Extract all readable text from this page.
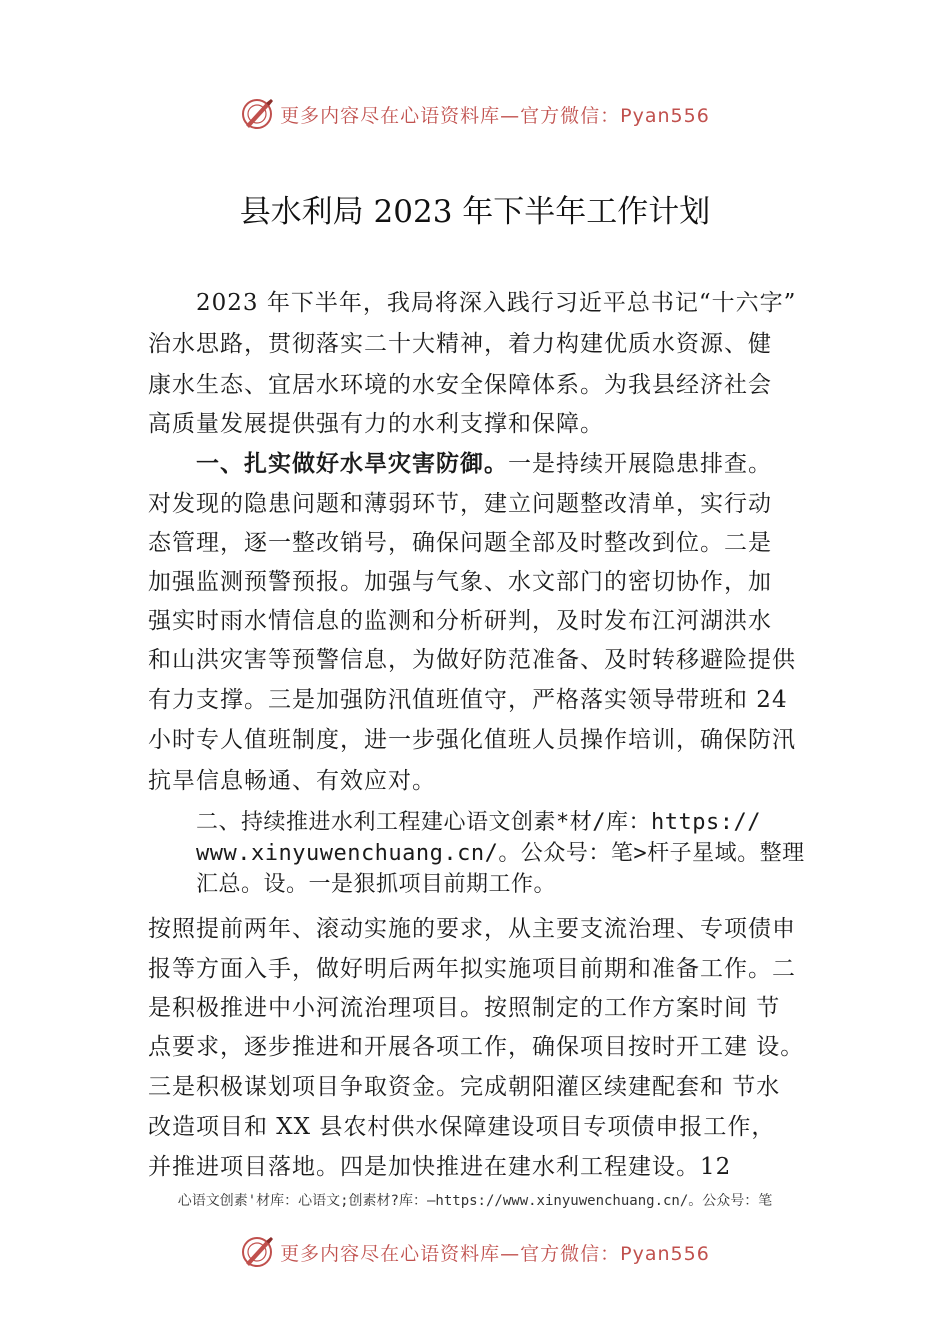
更多内容尽在心语资料库—官方微信：Pyan556
县水利局 2023 年下半年工作计划
2023 年下半年，我局将深入践行习近平总书记“十六字”
治水思路，贯彻落实二十大精神，着力构建优质水资源、健
康水生态、宜居水环境的水安全保障体系。为我县经济社会
高质量发展提供强有力的水利支撑和保障。
一、扎实做好水旱灾害防御。一是持续开展隐患排查。
对发现的隐患问题和薄弱环节，建立问题整改清单，实行动
态管理，逐一整改销号，确保问题全部及时整改到位。二是
加强监测预警预报。加强与气象、水文部门的密切协作，加
强实时雨水情信息的监测和分析研判，及时发布江河湖洪水
和山洪灾害等预警信息，为做好防范准备、及时转移避险提供
有力支撑。三是加强防汛值班值守，严格落实领导带班和 24
小时专人值班制度，进一步强化值班人员操作培训，确保防汛
抗旱信息畅通、有效应对。
二、持续推进水利工程建心语文创素*材/库：https://
www.xinyuwenchuang.cn/。公众号：笔>杆子星域。整理
汇总。设。一是狠抓项目前期工作。
按照提前两年、滚动实施的要求，从主要支流治理、专项债申
报等方面入手，做好明后两年拟实施项目前期和准备工作。二
是积极推进中小河流治理项目。按照制定的工作方案时间 节
点要求，逐步推进和开展各项工作，确保项目按时开工建 设。
三是积极谋划项目争取资金。完成朝阳灌区续建配套和 节水
改造项目和 XX 县农村供水保障建设项目专项债申报工作，
并推进项目落地。四是加快推进在建水利工程建设。12
心语文创素'材库：心语文;创素材?库：—https://www.xinyuwenchuang.cn/。公众号：笔
更多内容尽在心语资料库—官方微信：Pyan556
